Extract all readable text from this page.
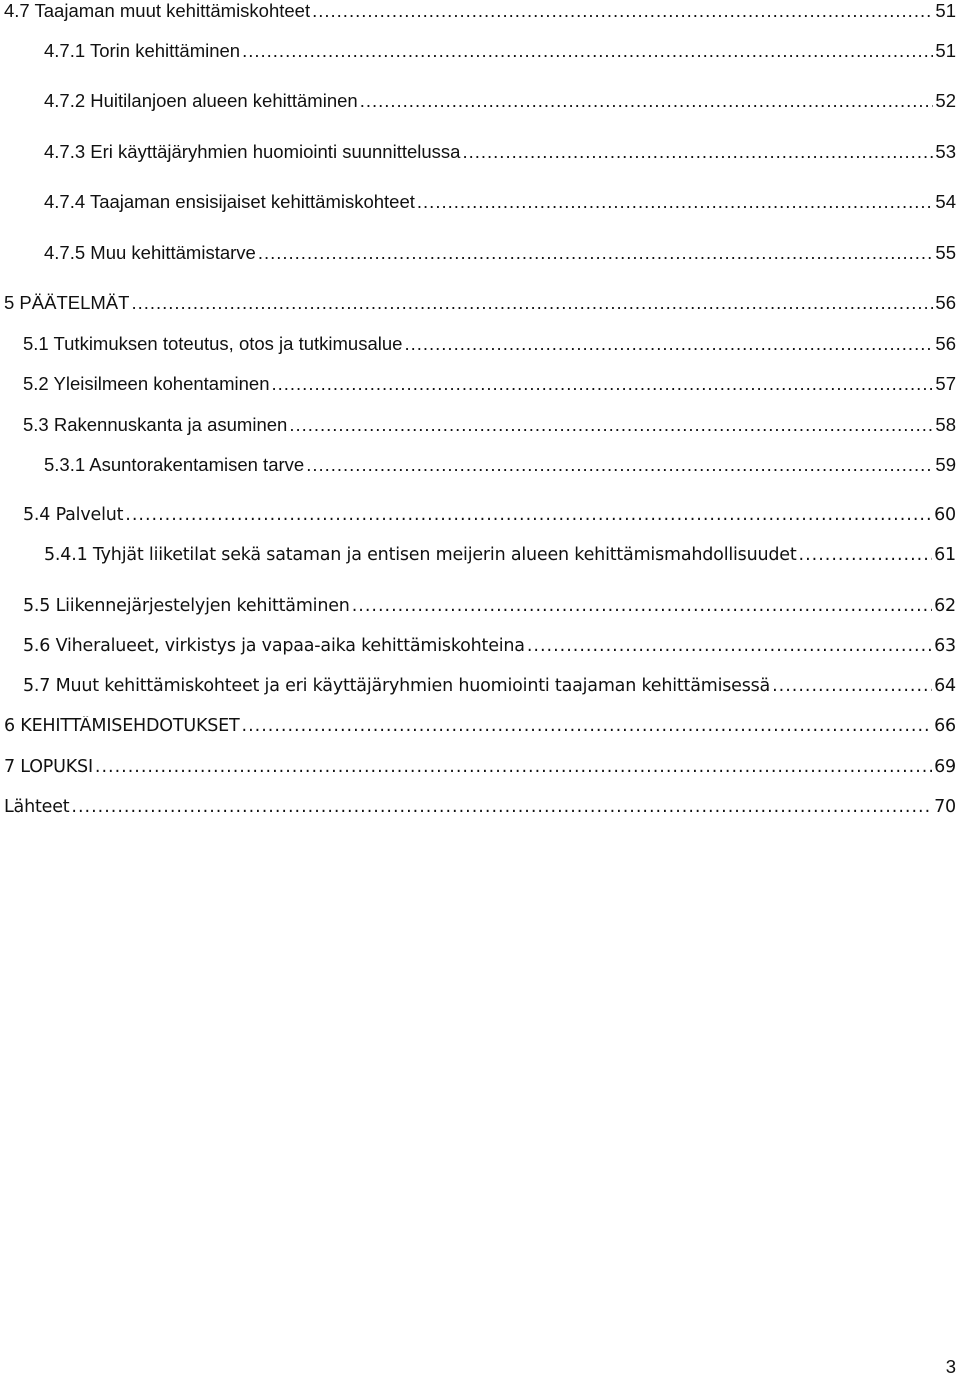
4.7 Taajaman muut kehittämiskohteet .....	51
4.7.1 Torin kehittäminen .....	51
4.7.2 Huitilanjoen alueen kehittäminen .....	52
4.7.3 Eri käyttäjäryhmien huomiointi suunnittelussa .....	53
4.7.4 Taajaman ensisijaiset kehittämiskohteet .....	54
4.7.5 Muu kehittämistarve .....	55
5 PÄÄTELMÄT .....	56
5.1 Tutkimuksen toteutus, otos ja tutkimusalue .....	56
5.2 Yleisilmeen kohentaminen .....	57
5.3 Rakennuskanta ja asuminen .....	58
5.3.1 Asuntorakentamisen tarve .....	59
5.4 Palvelut .....	60
5.4.1 Tyhjät liiketilat sekä sataman ja entisen meijerin alueen kehittämismahdollisuudet .....	61
5.5 Liikennejärjestelyjen kehittäminen .....	62
5.6 Viheralueet, virkistys ja vapaa-aika kehittämiskohteina .....	63
5.7 Muut kehittämiskohteet ja eri käyttäjäryhmien huomiointi taajaman kehittämisessä .....	64
6 KEHITTÄMISEHDOTUKSET .....	66
7 LOPUKSI .....	69
Lähteet .....	70
3
